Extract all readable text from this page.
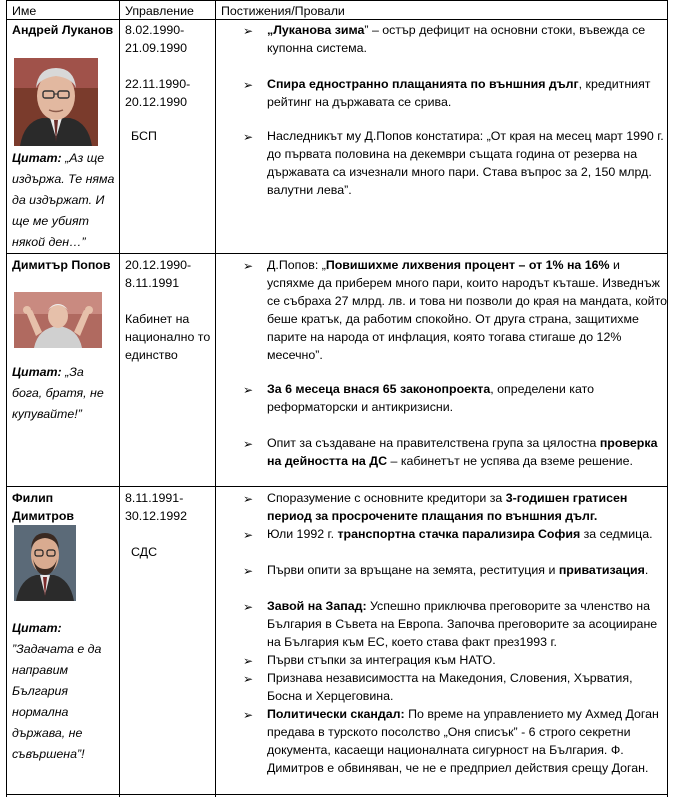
Име	Управление Постижения/Провали
Андрей Луканов
Цитат: „Аз ще издържа. Те няма да издържат. И ще ме убият някой ден…”
8.02.1990-21.09.1990
22.11.1990-20.12.1990
БСП
➢ „Луканова зима” – остър дефицит на основни стоки, въвежда се купонна система.
➢ Спира едностранно плащанията по външния дълг, кредитният рейтинг на държавата се срива.
➢ Наследникът му Д.Попов констатира: „От края на месец март 1990 г. до първата половина на декември същата година от резерва на държавата са изчезнали много пари. Става въпрос за 2, 150 млрд. валутни лева”.
Димитър Попов
Цитат: „За бога, братя, не купувайте!”
20.12.1990-8.11.1991
Кабинет на национално то единство
➢ Д.Попов: „Повишихме лихвения процент – от 1% на 16% и успяхме да приберем много пари, които народът къташе. Изведнъж се събраха 27 млрд. лв. и това ни позволи до края на мандата, който беше кратък, да работим спокойно. От друга страна, защитихме парите на народа от инфлация, която тогава стигаше до 12% месечно”.
➢ За 6 месеца внася 65 законопроекта, определени като реформаторски и антикризисни.
➢ Опит за създаване на правителствена група за цялостна проверка на дейността на ДС – кабинетът не успява да вземе решение.
Филип Димитров
Цитат:
”Задачата е да направим България нормална държава, не съвършена”!
8.11.1991-30.12.1992
СДС
➢ Споразумение с основните кредитори за 3-годишен гратисен период за просрочените плащания по външния дълг.
➢ Юли 1992 г. транспортна стачка парализира София за седмица.
➢ Първи опити за връщане на земята, реституция и приватизация.
➢ Завой на Запад: Успешно приключва преговорите за членство на България в Съвета на Европа. Започва преговорите за асоцииране на България към ЕС, което става факт през1993 г.
➢ Първи стъпки за интеграция към НАТО.
➢ Признава независимостта на Македония, Словения, Хърватия, Босна и Херцеговина.
➢ Политически скандал: По време на управлението му Ахмед Доган предава в турското посолство „Оня списък” - 6 строго секретни документа, касаещи националната сигурност на България. Ф. Димитров е обвиняван, че не е предприел действия срещу Доган.
